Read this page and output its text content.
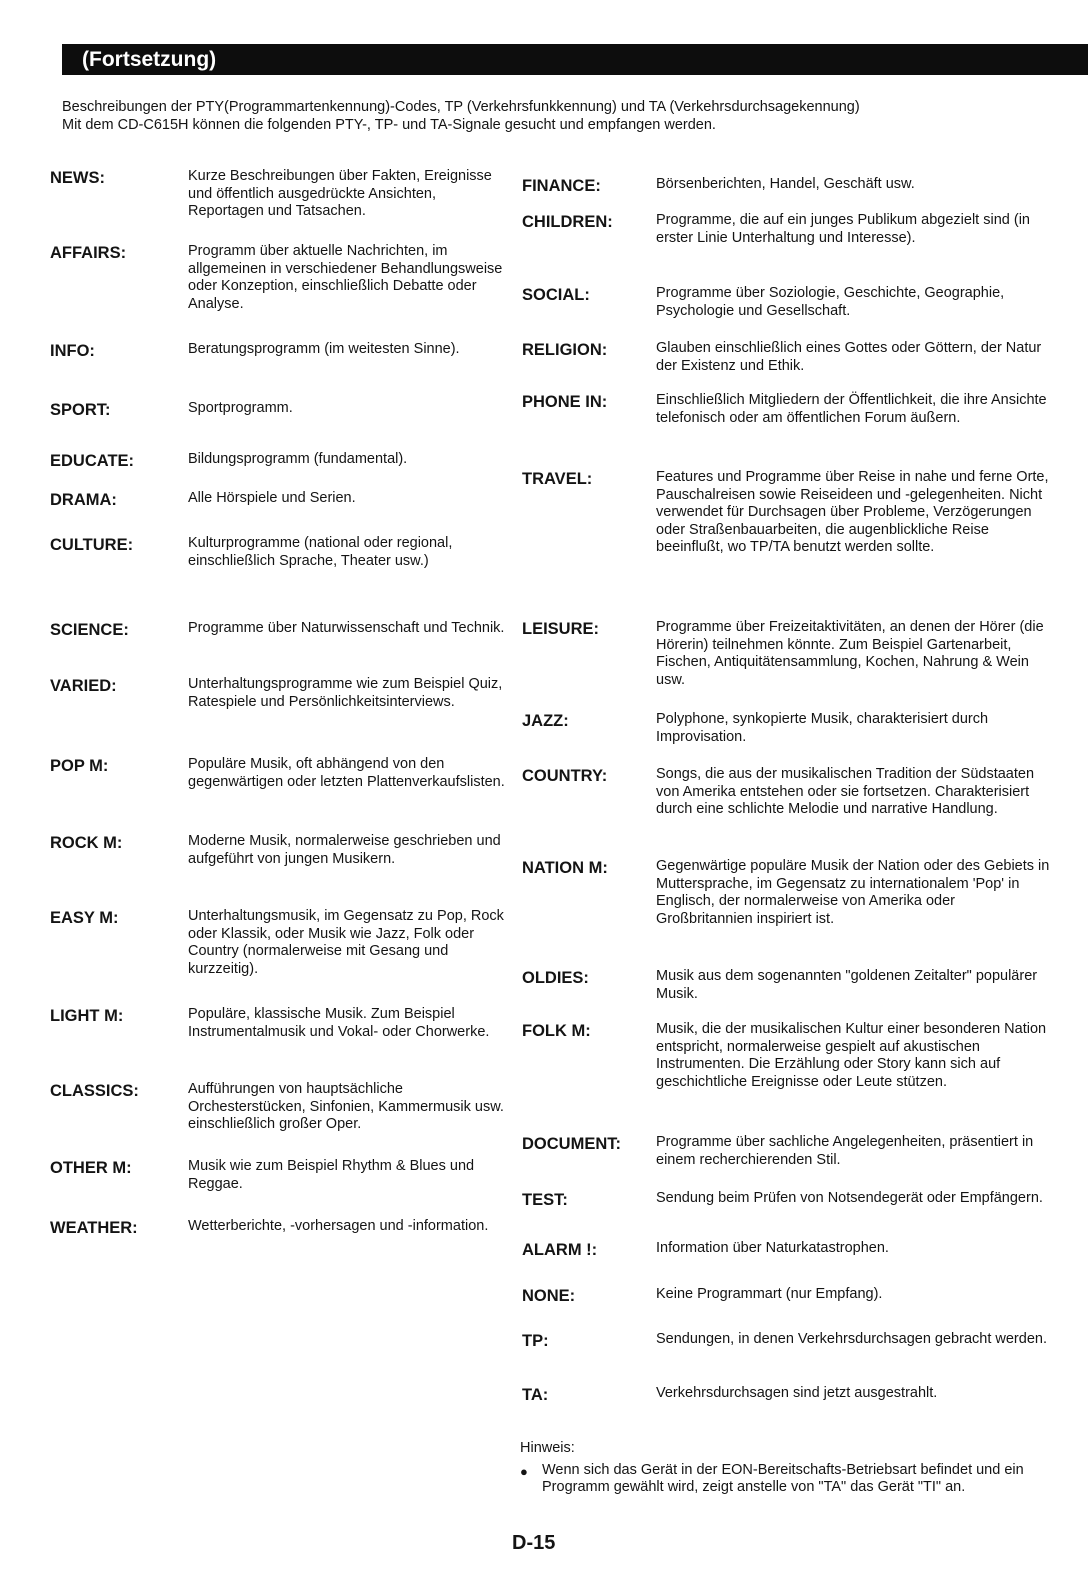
(Fortsetzung)
Beschreibungen der PTY(Programmartenkennung)-Codes, TP (Verkehrsfunkkennung) und TA (Verkehrsdurchsagekennung)
Mit dem CD-C615H können die folgenden PTY-, TP- und TA-Signale gesucht und empfangen werden.
NEWS:	Kurze Beschreibungen über Fakten, Ereignisse und öffentlich ausgedrückte Ansichten, Reportagen und Tatsachen.
AFFAIRS:	Programm über aktuelle Nachrichten, im allgemeinen in verschiedener Behandlungsweise oder Konzeption, einschließlich Debatte oder Analyse.
INFO:	Beratungsprogramm (im weitesten Sinne).
SPORT:	Sportprogramm.
EDUCATE:	Bildungsprogramm (fundamental).
DRAMA:	Alle Hörspiele und Serien.
CULTURE:	Kulturprogramme (national oder regional, einschließlich Sprache, Theater usw.)
SCIENCE:	Programme über Naturwissenschaft und Technik.
VARIED:	Unterhaltungsprogramme wie zum Beispiel Quiz, Ratespiele und Persönlichkeitsinterviews.
POP M:	Populäre Musik, oft abhängend von den gegenwärtigen oder letzten Plattenverkaufslisten.
ROCK M:	Moderne Musik, normalerweise geschrieben und aufgeführt von jungen Musikern.
EASY M:	Unterhaltungsmusik, im Gegensatz zu Pop, Rock oder Klassik, oder Musik wie Jazz, Folk oder Country (normalerweise mit Gesang und kurzzeitig).
LIGHT M:	Populäre, klassische Musik. Zum Beispiel Instrumentalmusik und Vokal- oder Chorwerke.
CLASSICS:	Aufführungen von hauptsächliche Orchesterstücken, Sinfonien, Kammermusik usw. einschließlich großer Oper.
OTHER M:	Musik wie zum Beispiel Rhythm & Blues und Reggae.
WEATHER:	Wetterberichte, -vorhersagen und -information.
FINANCE:	Börsenberichten, Handel, Geschäft usw.
CHILDREN:	Programme, die auf ein junges Publikum abgezielt sind (in erster Linie Unterhaltung und Interesse).
SOCIAL:	Programme über Soziologie, Geschichte, Geographie, Psychologie und Gesellschaft.
RELIGION:	Glauben einschließlich eines Gottes oder Göttern, der Natur der Existenz und Ethik.
PHONE IN:	Einschließlich Mitgliedern der Öffentlichkeit, die ihre Ansichte telefonisch oder am öffentlichen Forum äußern.
TRAVEL:	Features und Programme über Reise in nahe und ferne Orte, Pauschalreisen sowie Reiseideen und -gelegenheiten. Nicht verwendet für Durchsagen über Probleme, Verzögerungen oder Straßenbauarbeiten, die augenblickliche Reise beeinflußt, wo TP/TA benutzt werden sollte.
LEISURE:	Programme über Freizeitaktivitäten, an denen der Hörer (die Hörerin) teilnehmen könnte. Zum Beispiel Gartenarbeit, Fischen, Antiquitätensammlung, Kochen, Nahrung & Wein usw.
JAZZ:	Polyphone, synkopierte Musik, charakterisiert durch Improvisation.
COUNTRY:	Songs, die aus der musikalischen Tradition der Südstaaten von Amerika entstehen oder sie fortsetzen. Charakterisiert durch eine schlichte Melodie und narrative Handlung.
NATION M:	Gegenwärtige populäre Musik der Nation oder des Gebiets in Muttersprache, im Gegensatz zu internationalem 'Pop' in Englisch, der normalerweise von Amerika oder Großbritannien inspiriert ist.
OLDIES:	Musik aus dem sogenannten "goldenen Zeitalter" populärer Musik.
FOLK M:	Musik, die der musikalischen Kultur einer besonderen Nation entspricht, normalerweise gespielt auf akustischen Instrumenten. Die Erzählung oder Story kann sich auf geschichtliche Ereignisse oder Leute stützen.
DOCUMENT: Programme über sachliche Angelegenheiten, präsentiert in einem recherchierenden Stil.
TEST:	Sendung beim Prüfen von Notsendegerät oder Empfängern.
ALARM !:	Information über Naturkatastrophen.
NONE:	Keine Programmart (nur Empfang).
TP:	Sendungen, in denen Verkehrsdurchsagen gebracht werden.
TA:	Verkehrsdurchsagen sind jetzt ausgestrahlt.
Hinweis:
● Wenn sich das Gerät in der EON-Bereitschafts-Betriebsart befindet und ein Programm gewählt wird, zeigt anstelle von "TA" das Gerät "TI" an.
D-15
